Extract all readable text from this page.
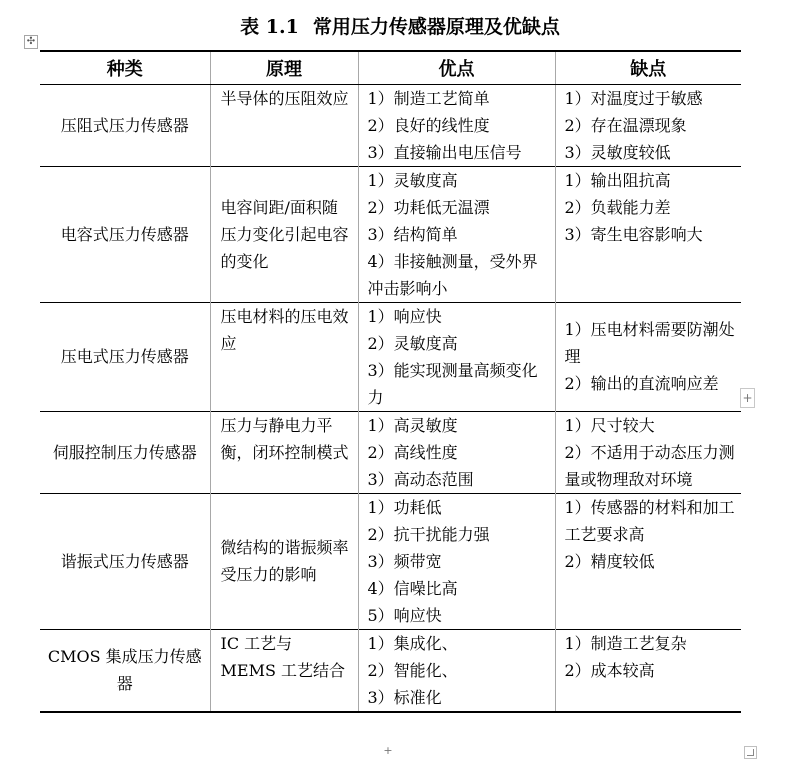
表 1.1 常用压力传感器原理及优缺点
✣
种类	原理	优点	缺点
压阻式压力传感器	半导体的压阻效应	1）制造工艺简单
2）良好的线性度
3）直接输出电压信号	1）对温度过于敏感
2）存在温漂现象
3）灵敏度较低

电容式压力传感器	电容间距/面积随压力变化引起电容的变化	1）灵敏度高
2）功耗低无温漂
3）结构简单
4）非接触测量，受外界冲击影响小	1）输出阻抗高
2）负载能力差
3）寄生电容影响大

压电式压力传感器	压电材料的压电效应	1）响应快
2）灵敏度高
3）能实现测量高频变化力	1）压电材料需要防潮处理
2）输出的直流响应差

伺服控制压力传感器	压力与静电力平衡，闭环控制模式	1）高灵敏度
2）高线性度
3）高动态范围	1）尺寸较大
2）不适用于动态压力测量或物理敌对环境

谐振式压力传感器	微结构的谐振频率受压力的影响	1）功耗低
2）抗干扰能力强
3）频带宽
4）信噪比高
5）响应快	1）传感器的材料和加工工艺要求高
2）精度较低

CMOS 集成压力传感器	IC 工艺与 MEMS 工艺结合	1）集成化、
2）智能化、
3）标准化	1）制造工艺复杂
2）成本较高
+
+
